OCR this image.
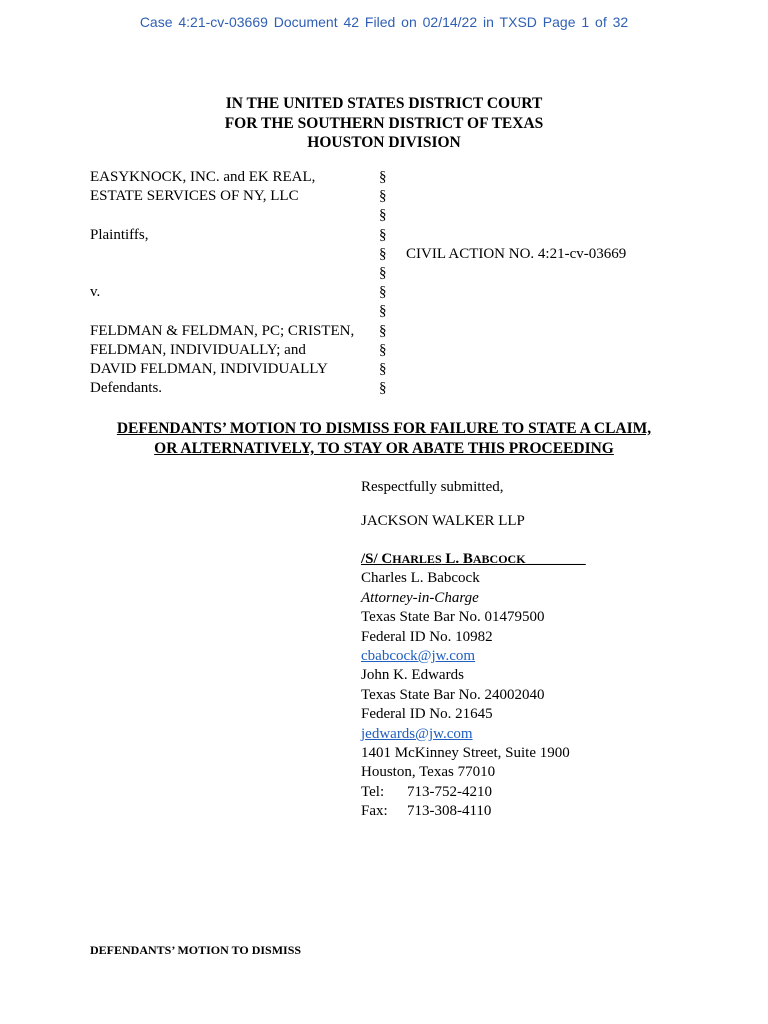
Case 4:21-cv-03669 Document 42 Filed on 02/14/22 in TXSD Page 1 of 32
IN THE UNITED STATES DISTRICT COURT
FOR THE SOUTHERN DISTRICT OF TEXAS
HOUSTON DIVISION
EASYKNOCK, INC. and EK REAL,
ESTATE SERVICES OF NY, LLC

Plaintiffs,

v.

FELDMAN & FELDMAN, PC; CRISTEN,
FELDMAN, INDIVIDUALLY; and
DAVID FELDMAN, INDIVIDUALLY
Defendants.
§
§
§
§
§
§
§
§
§
§
§
§
CIVIL ACTION NO. 4:21-cv-03669
DEFENDANTS’ MOTION TO DISMISS FOR FAILURE TO STATE A CLAIM,
OR ALTERNATIVELY, TO STAY OR ABATE THIS PROCEEDING
Respectfully submitted,
JACKSON WALKER LLP
/S/ CHARLES L. BABCOCK________
Charles L. Babcock
Attorney-in-Charge
Texas State Bar No. 01479500
Federal ID No. 10982
cbabcock@jw.com
John K. Edwards
Texas State Bar No. 24002040
Federal ID No. 21645
jedwards@jw.com
1401 McKinney Street, Suite 1900
Houston, Texas 77010
Tel: 713-752-4210
Fax: 713-308-4110
DEFENDANTS’ MOTION TO DISMISS
